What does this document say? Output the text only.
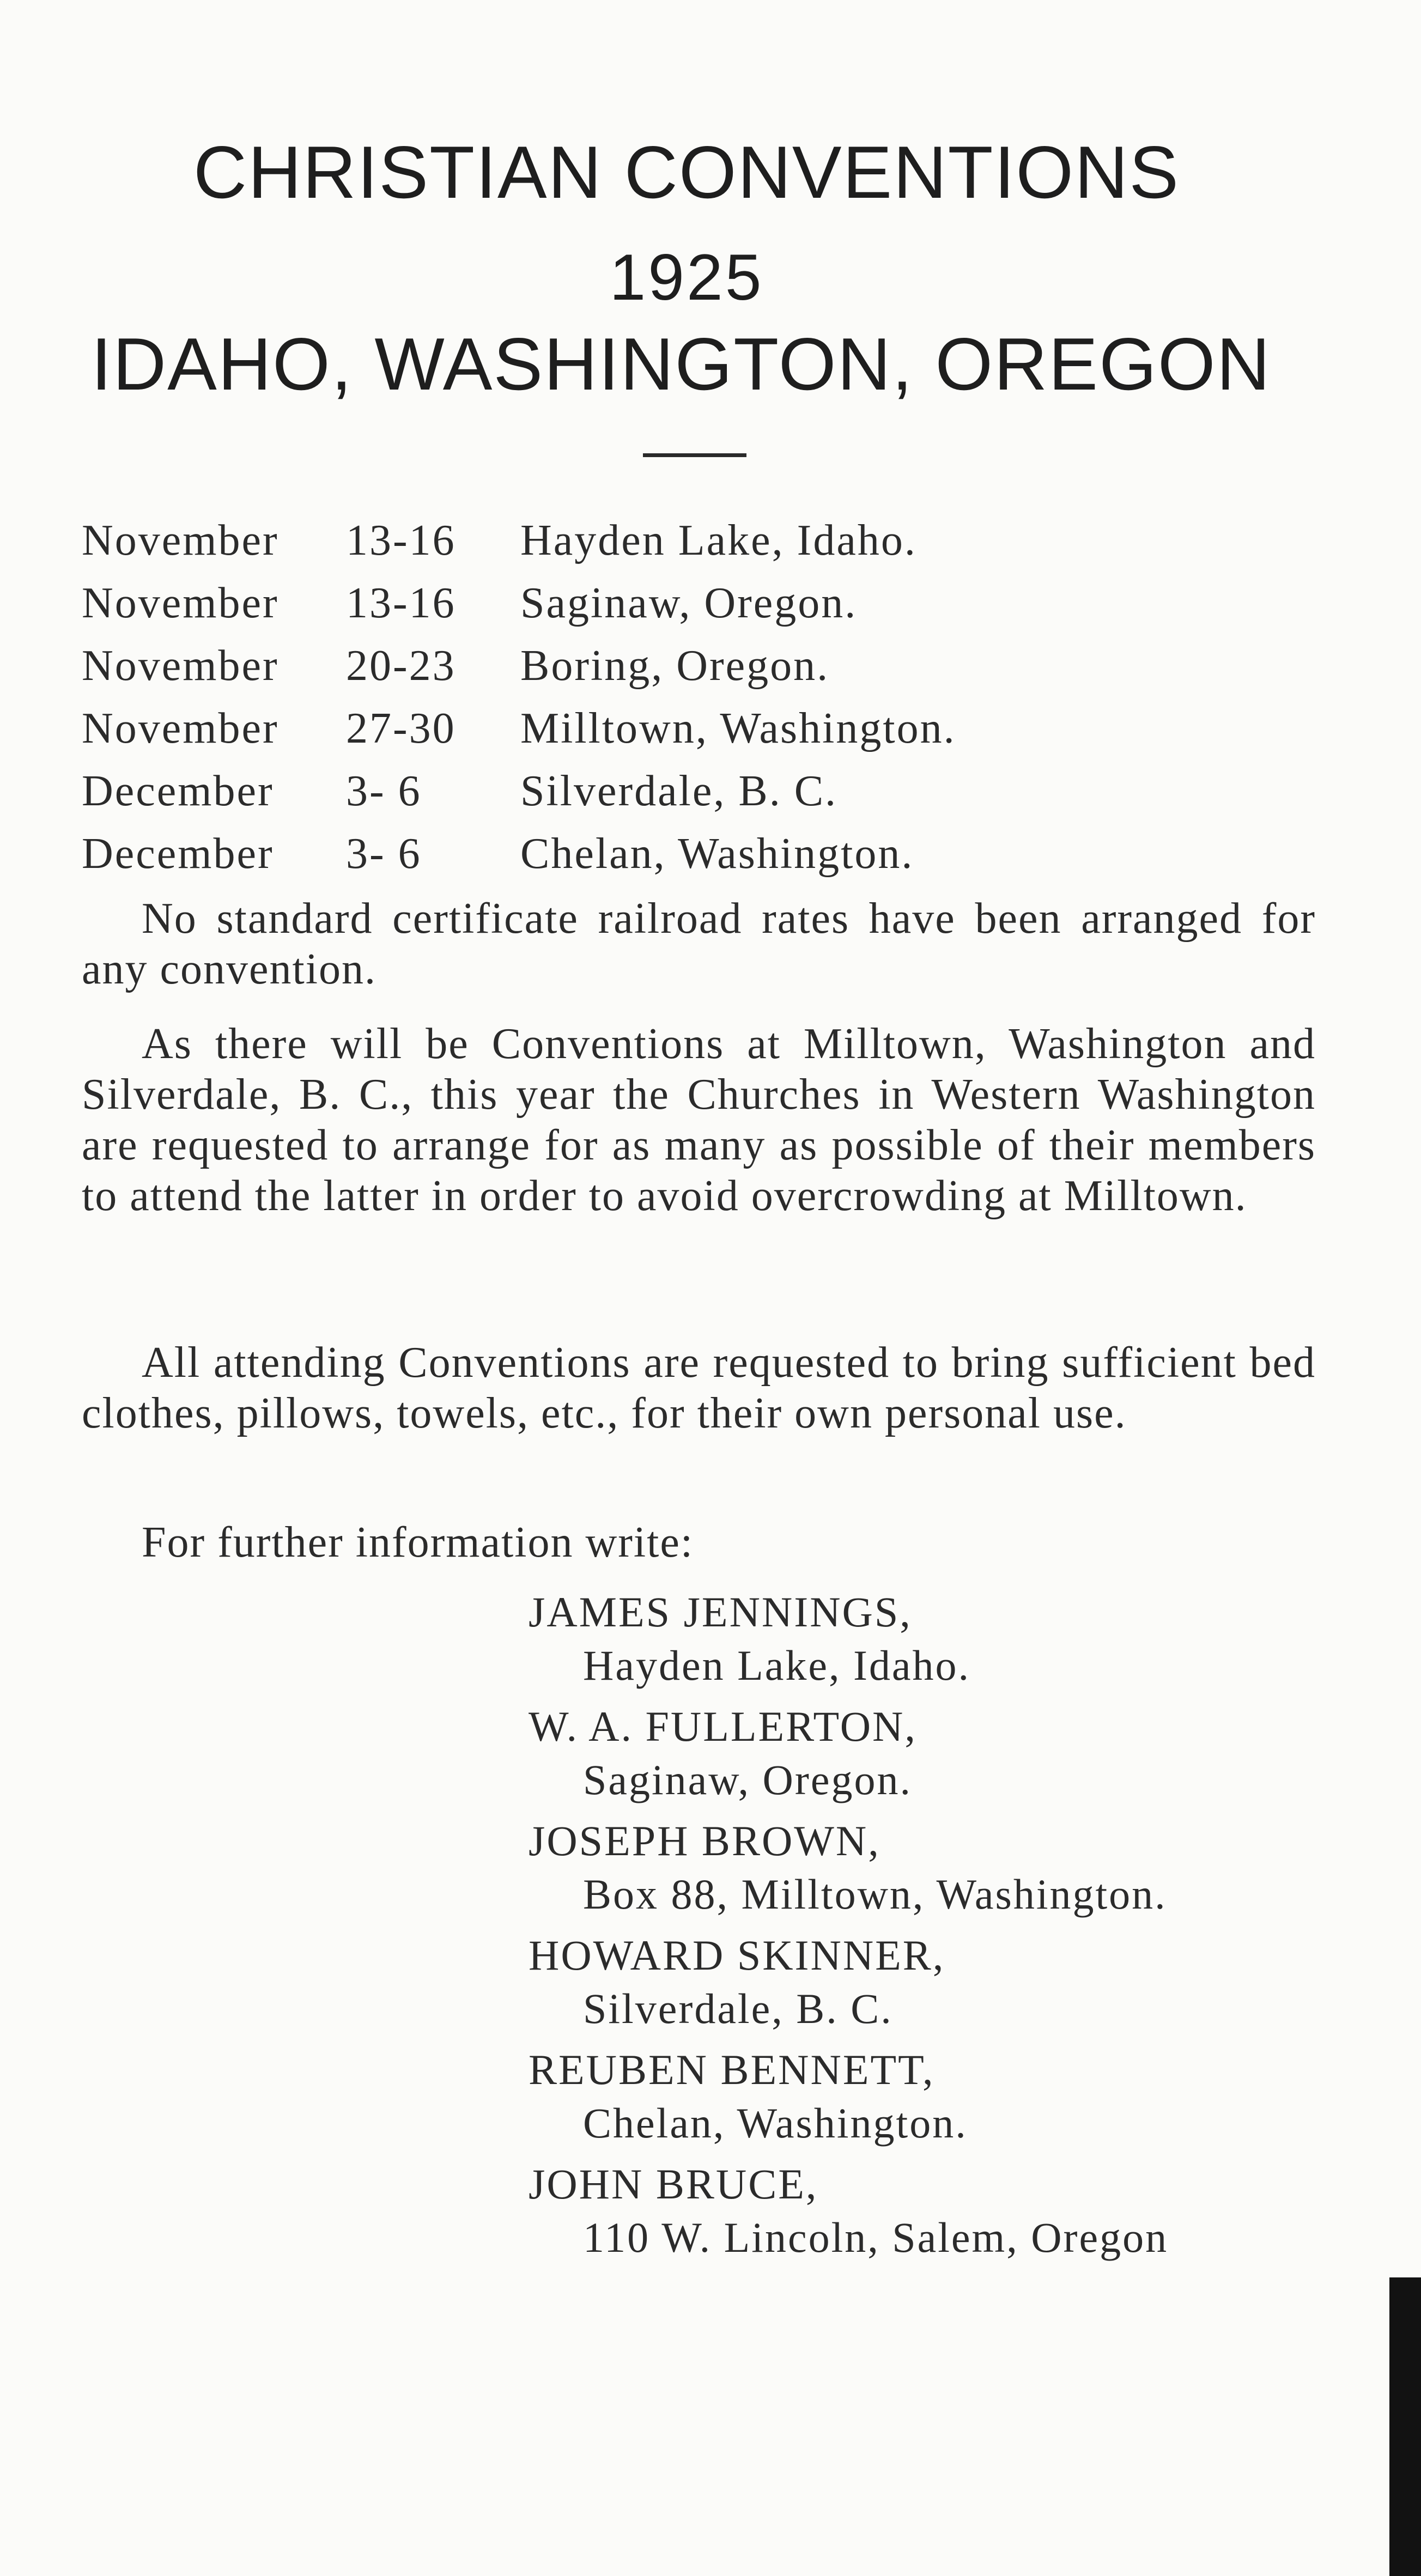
CHRISTIAN CONVENTIONS
1925
IDAHO, WASHINGTON, OREGON
November	13-16	Hayden Lake, Idaho.
November	13-16	Saginaw, Oregon.
November	20-23	Boring, Oregon.
November	27-30	Milltown, Washington.
December	3- 6	Silverdale, B. C.
December	3- 6	Chelan, Washington.

No standard certificate railroad rates have been arranged for any convention.

As there will be Conventions at Milltown, Washington and Silverdale, B. C., this year the Churches in Western Washington are requested to arrange for as many as possible of their members to attend the latter in order to avoid overcrowding at Milltown.

All attending Conventions are requested to bring sufficient bed clothes, pillows, towels, etc., for their own personal use.

For further information write:

JAMES JENNINGS,
Hayden Lake, Idaho.
W. A. FULLERTON,
Saginaw, Oregon.
JOSEPH BROWN,
Box 88, Milltown, Washington.
HOWARD SKINNER,
Silverdale, B. C.
REUBEN BENNETT,
Chelan, Washington.
JOHN BRUCE,
110 W. Lincoln, Salem, Oregon
